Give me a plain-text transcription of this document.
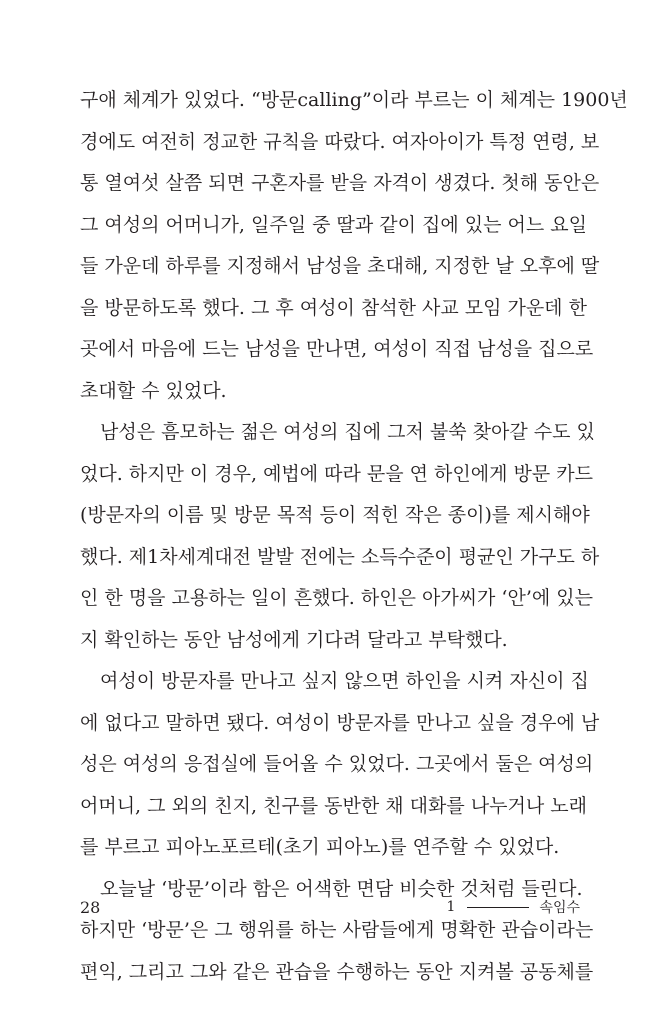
구애 체계가 있었다. “방문calling”이라 부르는 이 체계는 1900년
경에도 여전히 정교한 규칙을 따랐다. 여자아이가 특정 연령, 보
통 열여섯 살쯤 되면 구혼자를 받을 자격이 생겼다. 첫해 동안은
그 여성의 어머니가, 일주일 중 딸과 같이 집에 있는 어느 요일
들 가운데 하루를 지정해서 남성을 초대해, 지정한 날 오후에 딸
을 방문하도록 했다. 그 후 여성이 참석한 사교 모임 가운데 한
곳에서 마음에 드는 남성을 만나면, 여성이 직접 남성을 집으로
초대할 수 있었다.
남성은 흠모하는 젊은 여성의 집에 그저 불쑥 찾아갈 수도 있
었다. 하지만 이 경우, 예법에 따라 문을 연 하인에게 방문 카드
(방문자의 이름 및 방문 목적 등이 적힌 작은 종이)를 제시해야
했다. 제1차세계대전 발발 전에는 소득수준이 평균인 가구도 하
인 한 명을 고용하는 일이 흔했다. 하인은 아가씨가 ‘안’에 있는
지 확인하는 동안 남성에게 기다려 달라고 부탁했다.
여성이 방문자를 만나고 싶지 않으면 하인을 시켜 자신이 집
에 없다고 말하면 됐다. 여성이 방문자를 만나고 싶을 경우에 남
성은 여성의 응접실에 들어올 수 있었다. 그곳에서 둘은 여성의
어머니, 그 외의 친지, 친구를 동반한 채 대화를 나누거나 노래
를 부르고 피아노포르테(초기 피아노)를 연주할 수 있었다.
오늘날 ‘방문’이라 함은 어색한 면담 비슷한 것처럼 들린다.
하지만 ‘방문’은 그 행위를 하는 사람들에게 명확한 관습이라는
편익, 그리고 그와 같은 관습을 수행하는 동안 지켜볼 공동체를
28	1	속임수
